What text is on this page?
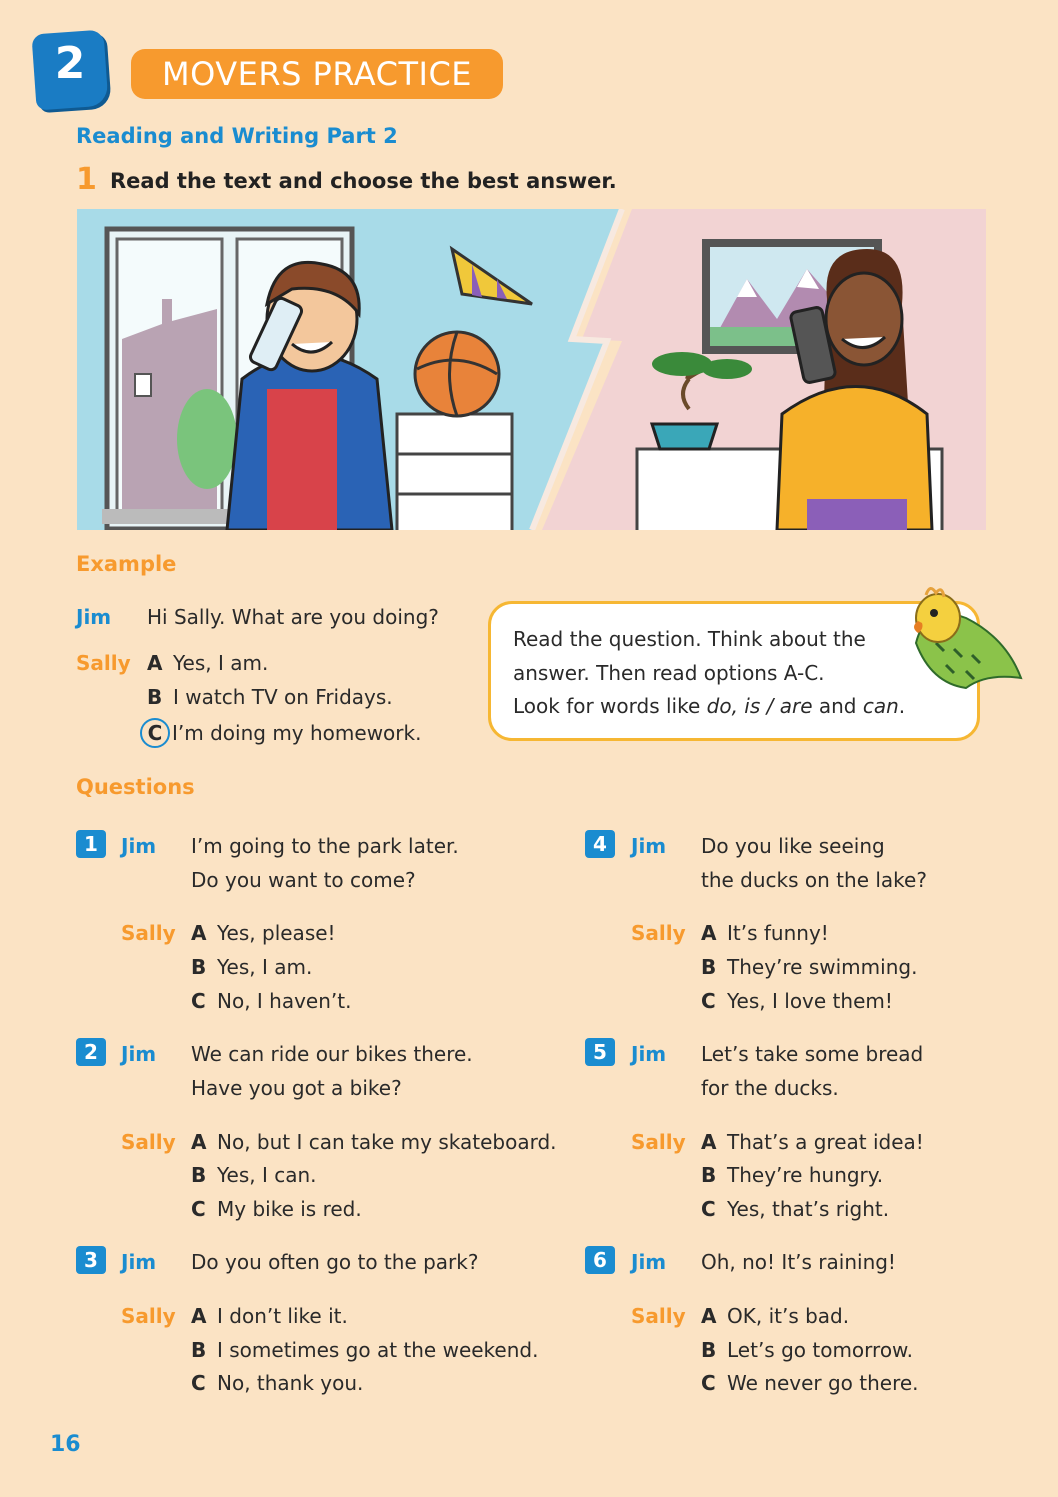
2	MOVERS PRACTICE
Reading and Writing Part 2
1 Read the text and choose the best answer.
Example
Jim Hi Sally. What are you doing?
Sally A Yes, I am.
B I watch TV on Fridays.
C I’m doing my homework.
Read the question. Think about the
answer. Then read options A-C.
Look for words like do, is / are and can.
Questions
1	Jim I’m going to the park later.
Do you want to come?
Sally A Yes, please!
B Yes, I am.
C No, I haven’t.
2	Jim We can ride our bikes there.
Have you got a bike?
Sally A No, but I can take my skateboard.
B Yes, I can.
C My bike is red.
3	Jim Do you often go to the park?
Sally A I don’t like it.
B I sometimes go at the weekend.
C No, thank you.
4	Jim Do you like seeing
the ducks on the lake?
Sally A It’s funny!
B They’re swimming.
C Yes, I love them!
5	Jim Let’s take some bread
for the ducks.
Sally A That’s a great idea!
B They’re hungry.
C Yes, that’s right.
6	Jim Oh, no! It’s raining!
Sally A OK, it’s bad.
B Let’s go tomorrow.
C We never go there.
16
